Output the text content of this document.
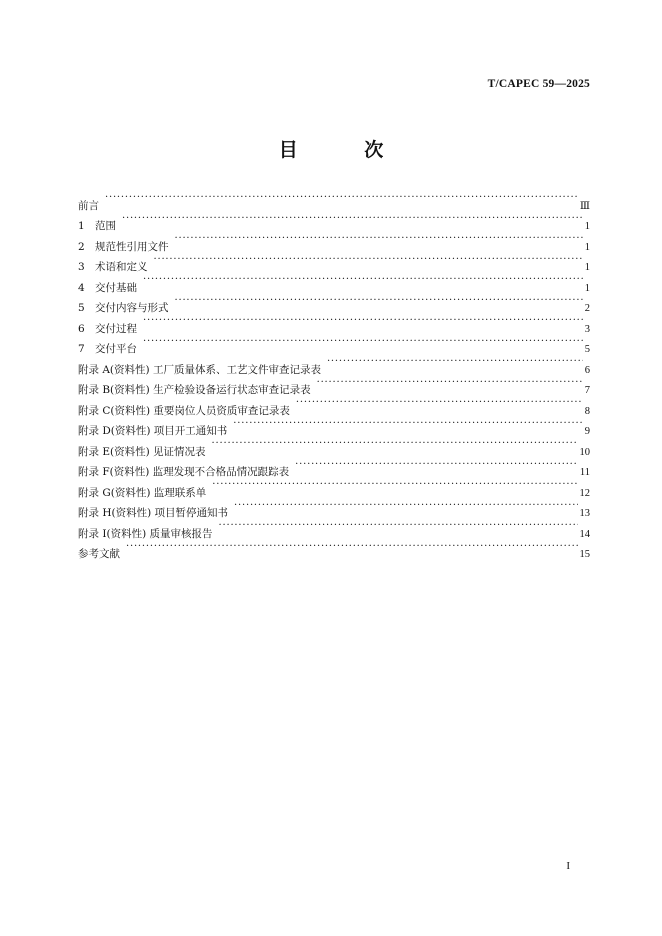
T/CAPEC 59—2025
目 次
前言 ·····	Ⅲ
1 范围 ·····	1
2 规范性引用文件 ·····	1
3 术语和定义 ·····	1
4 交付基础 ·····	1
5 交付内容与形式 ·····	2
6 交付过程 ·····	3
7 交付平台 ·····	5
附录 A(资料性) 工厂质量体系、工艺文件审查记录表 ·····	6
附录 B(资料性) 生产检验设备运行状态审查记录表 ·····	7
附录 C(资料性) 重要岗位人员资质审查记录表 ·····	8
附录 D(资料性) 项目开工通知书 ·····	9
附录 E(资料性) 见证情况表 ·····	10
附录 F(资料性) 监理发现不合格品情况跟踪表 ·····	11
附录 G(资料性) 监理联系单 ·····	12
附录 H(资料性) 项目暂停通知书 ·····	13
附录 I(资料性) 质量审核报告 ·····	14
参考文献 ·····	15
I
